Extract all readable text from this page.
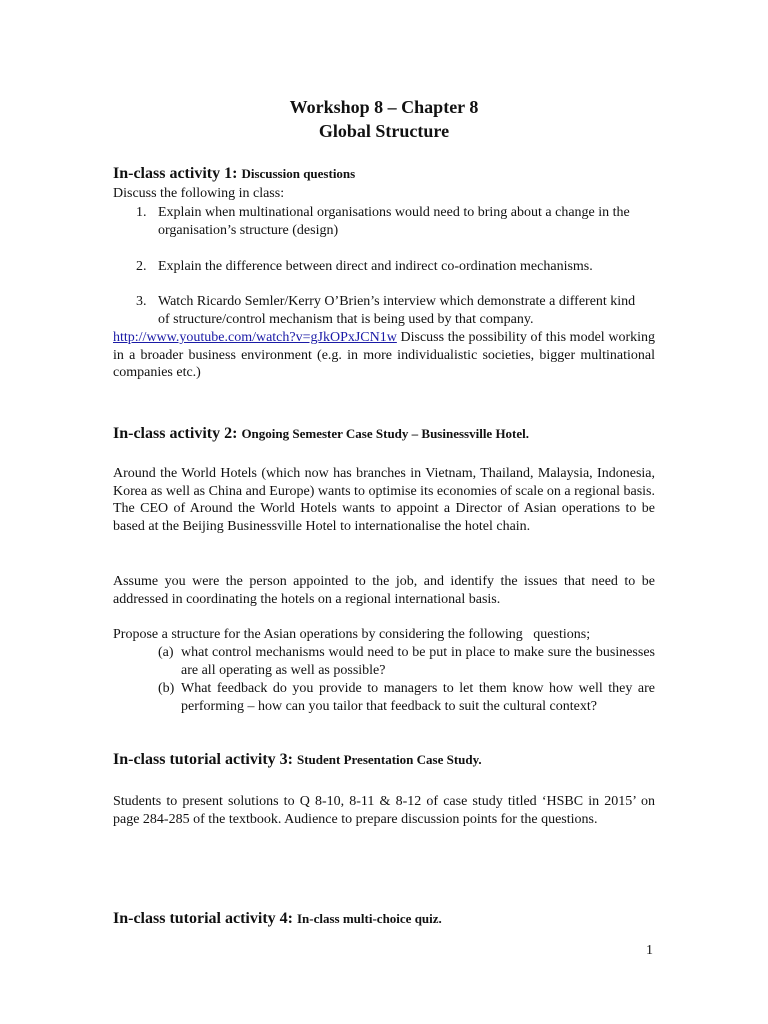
Workshop 8 – Chapter 8
Global Structure
In-class activity 1: Discussion questions
Discuss the following in class:
1. Explain when multinational organisations would need to bring about a change in the organisation’s structure (design)
2. Explain the difference between direct and indirect co-ordination mechanisms.
3. Watch Ricardo Semler/Kerry O’Brien’s interview which demonstrate a different kind of structure/control mechanism that is being used by that company.
http://www.youtube.com/watch?v=gJkOPxJCN1w Discuss the possibility of this model working in a broader business environment (e.g. in more individualistic societies, bigger multinational companies etc.)
In-class activity 2: Ongoing Semester Case Study – Businessville Hotel.
Around the World Hotels (which now has branches in Vietnam, Thailand, Malaysia, Indonesia, Korea as well as China and Europe) wants to optimise its economies of scale on a regional basis. The CEO of Around the World Hotels wants to appoint a Director of Asian operations to be based at the Beijing Businessville Hotel to internationalise the hotel chain.
Assume you were the person appointed to the job, and identify the issues that need to be addressed in coordinating the hotels on a regional international basis.
Propose a structure for the Asian operations by considering the following   questions;
(a) what control mechanisms would need to be put in place to make sure the businesses are all operating as well as possible?
(b) What feedback do you provide to managers to let them know how well they are performing – how can you tailor that feedback to suit the cultural context?
In-class tutorial activity 3: Student Presentation Case Study.
Students to present solutions to Q 8-10, 8-11 & 8-12 of case study titled ‘HSBC in 2015’ on page 284-285 of the textbook. Audience to prepare discussion points for the questions.
In-class tutorial activity 4: In-class multi-choice quiz.
1
